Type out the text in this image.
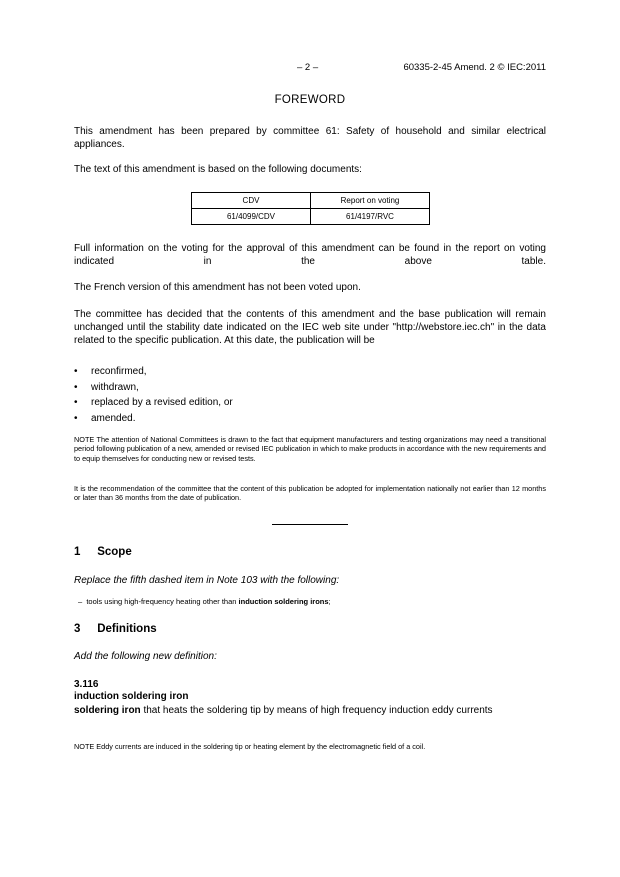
– 2 –	60335-2-45 Amend. 2 © IEC:2011
FOREWORD
This amendment has been prepared by committee 61: Safety of household and similar electrical appliances.
The text of this amendment is based on the following documents:
CDV	Report on voting
61/4099/CDV	61/4197/RVC
Full information on the voting for the approval of this amendment can be found in the report on voting indicated in the above table.
The French version of this amendment has not been voted upon.
The committee has decided that the contents of this amendment and the base publication will remain unchanged until the stability date indicated on the IEC web site under "http://webstore.iec.ch" in the data related to the specific publication. At this date, the publication will be
• reconfirmed,
• withdrawn,
• replaced by a revised edition, or
• amended.
NOTE The attention of National Committees is drawn to the fact that equipment manufacturers and testing organizations may need a transitional period following publication of a new, amended or revised IEC publication in which to make products in accordance with the new requirements and to equip themselves for conducting new or revised tests.
It is the recommendation of the committee that the content of this publication be adopted for implementation nationally not earlier than 12 months or later than 36 months from the date of publication.
1 Scope
Replace the fifth dashed item in Note 103 with the following:
– tools using high-frequency heating other than induction soldering irons;
3 Definitions
Add the following new definition:
3.116
induction soldering iron
soldering iron that heats the soldering tip by means of high frequency induction eddy currents
NOTE Eddy currents are induced in the soldering tip or heating element by the electromagnetic field of a coil.
